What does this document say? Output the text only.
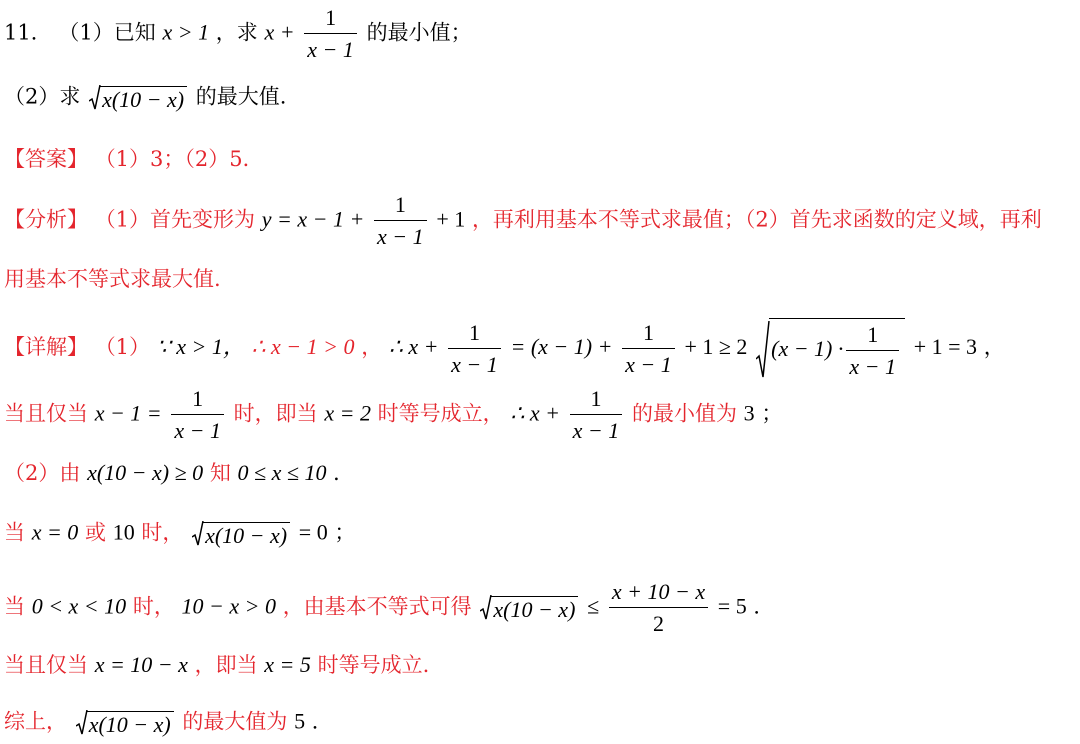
11． （1）已知 x > 1 ，求 $x + \frac{1}{x - 1}$ 的最小值；
（2）求 x(10 − x) 的最大值.
【答案】 （1）3；（2）5．
【分析】 （1）首先变形为 $y = x - 1 + \frac{1}{x - 1} + 1$ ，再利用基本不等式求最值；（2）首先求函数的定义域，再利
用基本不等式求最大值.
【详解】 （1） ∵ x > 1， ∴ x − 1 > 0 ， ∴ $x + \frac{1}{x - 1} = (x - 1) + \frac{1}{x - 1} + 1 \ge 2$ $(x - 1) \cdot \frac{1}{x - 1} + 1 = 3$ ，
当且仅当 $x - 1 = \frac{1}{x - 1}$ 时，即当 x = 2 时等号成立， ∴ $x + \frac{1}{x - 1}$ 的最小值为 3 ；
（2）由 x(10 − x) ≥ 0 知 0 ≤ x ≤ 10 ．
当 x = 0 或 10 时， x(10 − x) = 0 ；
当 0 < x < 10 时， 10 − x > 0 ，由基本不等式可得 $x(10 - x) \le \frac{x + 10 - x}{2} = 5$ ．
当且仅当 x = 10 − x ，即当 x = 5 时等号成立.
综上， x(10 − x) 的最大值为 5 ．
